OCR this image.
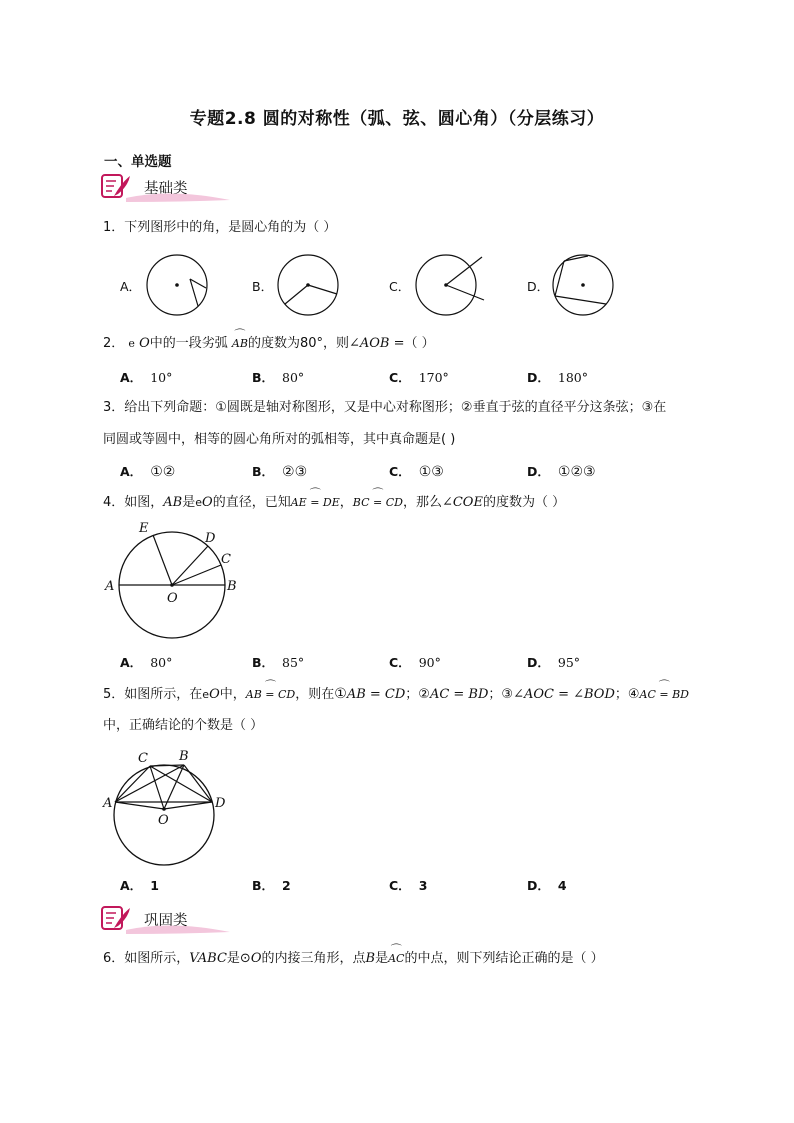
专题2.8 圆的对称性（弧、弦、圆心角）（分层练习）
一、单选题
基础类
1．下列图形中的角，是圆心角的为（ ）
A．	B．	C．	D．
2． e O中的一段劣弧 ⌒ AB的度数为80°，则∠AOB =（ ）
A． 10°	B． 80°	C． 170°	D． 180°
3．给出下列命题：①圆既是轴对称图形，又是中心对称图形；②垂直于弦的直径平分这条弦；③在
同圆或等圆中，相等的圆心角所对的弧相等，其中真命题是( )
A． ①②	B． ②③	C． ①③	D． ①②③
4．如图，AB是eO的直径，已知⌒ AE = DE，⌒ BC = CD，那么∠COE的度数为（ ）
E
D
C
A
O
B
A． 80°	B． 85°	C． 90°	D． 95°
5．如图所示，在eO中，⌒ AB = CD，则在①AB = CD；②AC = BD；③∠AOC = ∠BOD；④⌒ AC = BD
中，正确结论的个数是（ ）
C B
A	D
O
A． 1	B． 2	C． 3	D． 4
巩固类
6．如图所示，VABC是⊙O的内接三角形，点B是⌒ AC的中点，则下列结论正确的是（ ）
